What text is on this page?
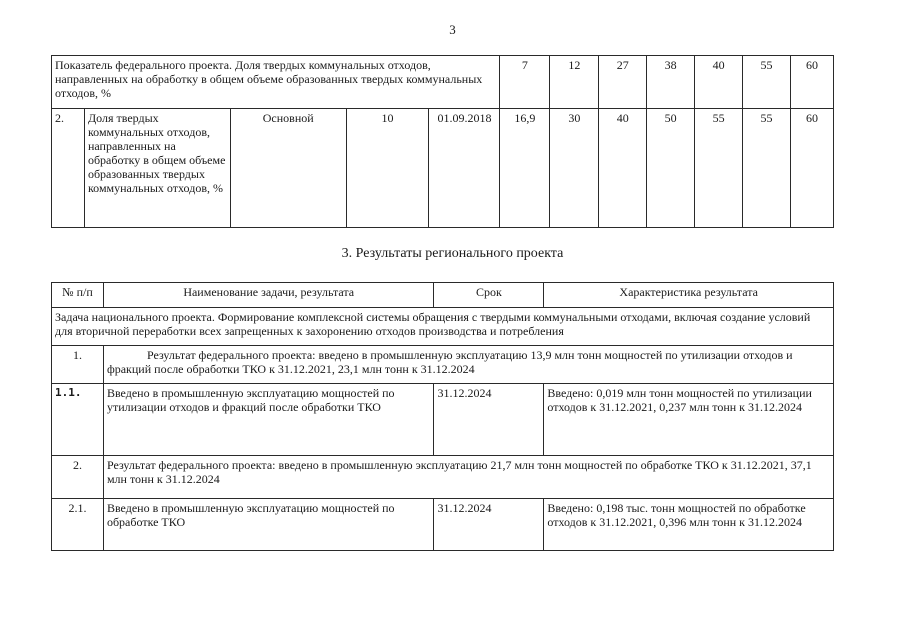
3
Показатель федерального проекта. Доля твердых коммунальных отходов, направленных на обработку в общем объеме образованных твердых коммунальных отходов, %					7	12	27	38	40	55	60
2.	Доля твердых коммунальных отходов, направленных на обработку в общем объеме образованных твердых коммунальных отходов, %	Основной	10	01.09.2018	16,9	30	40	50	55	55	60
3. Результаты регионального проекта
№ п/п	Наименование задачи, результата	Срок	Характеристика результата
Задача национального проекта. Формирование комплексной системы обращения с твердыми коммунальными отходами, включая создание условий для вторичной переработки всех запрещенных к захоронению отходов производства и потребления			
1.	Результат федерального проекта: введено в промышленную эксплуатацию 13,9 млн тонн мощностей по утилизации отходов и фракций после обработки ТКО к 31.12.2021, 23,1 млн тонн к 31.12.2024		
1.1.	Введено в промышленную эксплуатацию мощностей по утилизации отходов и фракций после обработки ТКО	31.12.2024	Введено: 0,019 млн тонн мощностей по утилизации отходов к 31.12.2021, 0,237 млн тонн к 31.12.2024
2.	Результат федерального проекта: введено в промышленную эксплуатацию 21,7 млн тонн мощностей по обработке ТКО к 31.12.2021, 37,1 млн тонн к 31.12.2024		
2.1.	Введено в промышленную эксплуатацию мощностей по обработке ТКО	31.12.2024	Введено: 0,198 тыс. тонн мощностей по обработке отходов к 31.12.2021, 0,396 млн тонн к 31.12.2024
